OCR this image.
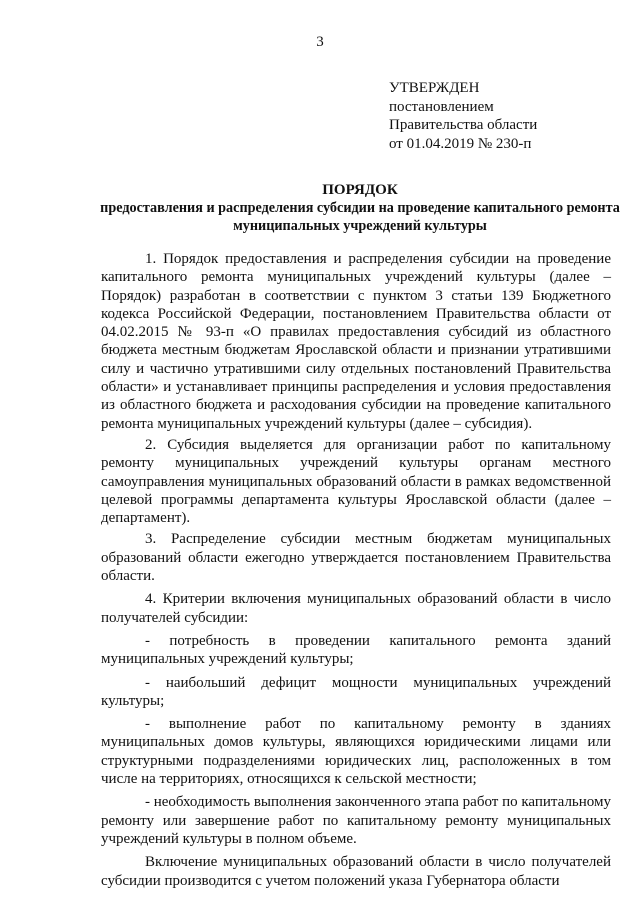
3
УТВЕРЖДЕН
постановлением
Правительства области
от 01.04.2019 № 230-п
ПОРЯДОК
предоставления и распределения субсидии на проведение капитального ремонта муниципальных учреждений культуры

1. Порядок предоставления и распределения субсидии на проведение капитального ремонта муниципальных учреждений культуры (далее – Порядок) разработан в соответствии с пунктом 3 статьи 139 Бюджетного кодекса Российской Федерации, постановлением Правительства области от 04.02.2015 № 93-п «О правилах предоставления субсидий из областного бюджета местным бюджетам Ярославской области и признании утратившими силу и частично утратившими силу отдельных постановлений Правительства области» и устанавливает принципы распределения и условия предоставления из областного бюджета и расходования субсидии на проведение капитального ремонта муниципальных учреждений культуры (далее – субсидия).

2. Субсидия выделяется для организации работ по капитальному ремонту муниципальных учреждений культуры органам местного самоуправления муниципальных образований области в рамках ведомственной целевой программы департамента культуры Ярославской области (далее – департамент).

3. Распределение субсидии местным бюджетам муниципальных образований области ежегодно утверждается постановлением Правительства области.

4. Критерии включения муниципальных образований области в число получателей субсидии:

- потребность в проведении капитального ремонта зданий муниципальных учреждений культуры;

- наибольший дефицит мощности муниципальных учреждений культуры;

- выполнение работ по капитальному ремонту в зданиях муниципальных домов культуры, являющихся юридическими лицами или структурными подразделениями юридических лиц, расположенных в том числе на территориях, относящихся к сельской местности;

- необходимость выполнения законченного этапа работ по капитальному ремонту или завершение работ по капитальному ремонту муниципальных учреждений культуры в полном объеме.

Включение муниципальных образований области в число получателей субсидии производится с учетом положений указа Губернатора области
